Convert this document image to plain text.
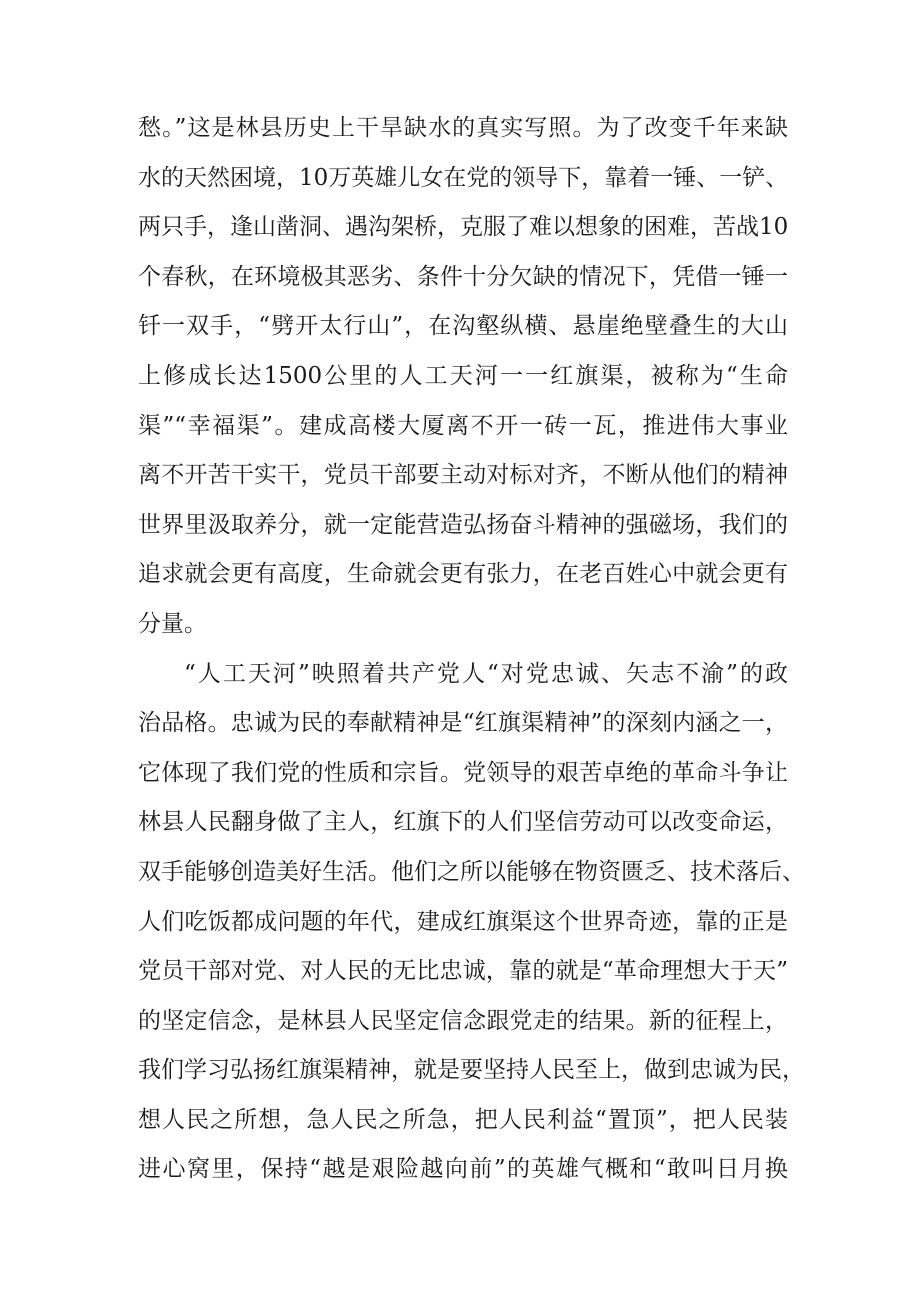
愁。”这是林县历史上干旱缺水的真实写照。为了改变千年来缺
水的天然困境，10万英雄儿女在党的领导下，靠着一锤、一铲、
两只手，逢山凿洞、遇沟架桥，克服了难以想象的困难，苦战10
个春秋，在环境极其恶劣、条件十分欠缺的情况下，凭借一锤一
钎一双手，“劈开太行山”，在沟壑纵横、悬崖绝壁叠生的大山
上修成长达1500公里的人工天河一一红旗渠，被称为“生命
渠”“幸福渠”。建成高楼大厦离不开一砖一瓦，推进伟大事业
离不开苦干实干，党员干部要主动对标对齐，不断从他们的精神
世界里汲取养分，就一定能营造弘扬奋斗精神的强磁场，我们的
追求就会更有高度，生命就会更有张力，在老百姓心中就会更有
分量。
“人工天河”映照着共产党人“对党忠诚、矢志不渝”的政
治品格。忠诚为民的奉献精神是“红旗渠精神”的深刻内涵之一，
它体现了我们党的性质和宗旨。党领导的艰苦卓绝的革命斗争让
林县人民翻身做了主人，红旗下的人们坚信劳动可以改变命运，
双手能够创造美好生活。他们之所以能够在物资匮乏、技术落后、
人们吃饭都成问题的年代，建成红旗渠这个世界奇迹，靠的正是
党员干部对党、对人民的无比忠诚，靠的就是“革命理想大于天”
的坚定信念，是林县人民坚定信念跟党走的结果。新的征程上，
我们学习弘扬红旗渠精神，就是要坚持人民至上，做到忠诚为民，
想人民之所想，急人民之所急，把人民利益“置顶”，把人民装
进心窝里，保持“越是艰险越向前”的英雄气概和“敢叫日月换
